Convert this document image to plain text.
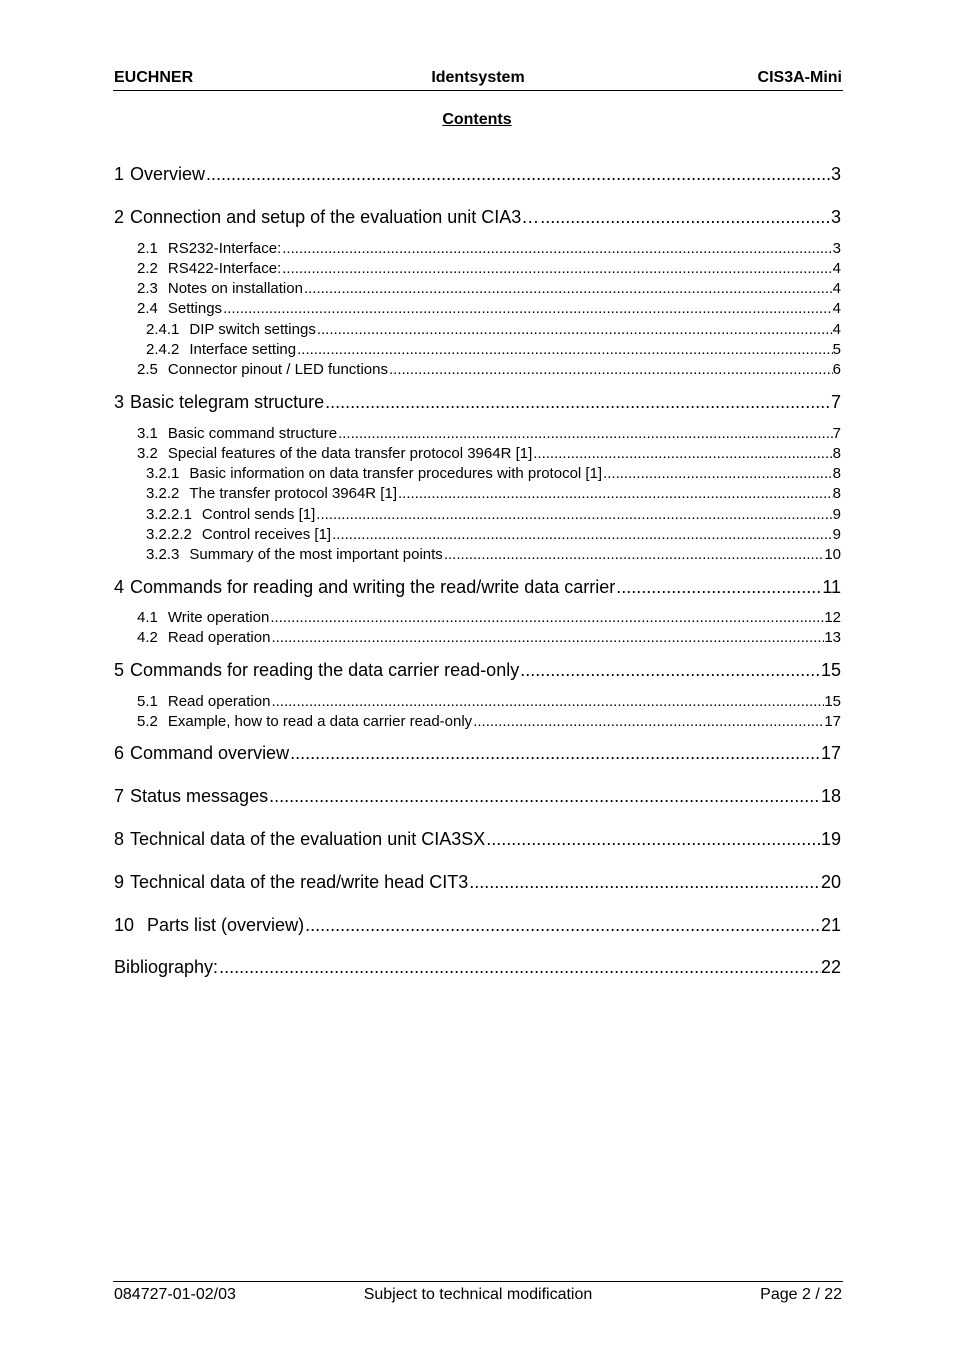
Identsystem
EUCHNER	CIS3A-Mini
Contents
1 Overview .....	3
2 Connection and setup of the evaluation unit CIA3… .....	3
2.1 RS232-Interface: .....	3
2.2 RS422-Interface: .....	4
2.3 Notes on installation .....	4
2.4 Settings .....	4
2.4.1 DIP switch settings .....	4
2.4.2 Interface setting .....	5
2.5 Connector pinout / LED functions .....	6
3 Basic telegram structure .....	7
3.1 Basic command structure .....	7
3.2 Special features of the data transfer protocol 3964R [1] .....	8
3.2.1 Basic information on data transfer procedures with protocol [1] .....	8
3.2.2 The transfer protocol 3964R [1] .....	8
3.2.2.1 Control sends [1] .....	9
3.2.2.2 Control receives [1] .....	9
3.2.3 Summary of the most important points .....	10
4 Commands for reading and writing the read/write data carrier .....	11
4.1 Write operation .....	12
4.2 Read operation .....	13
5 Commands for reading the data carrier read-only .....	15
5.1 Read operation .....	15
5.2 Example, how to read a data carrier read-only .....	17
6 Command overview .....	17
7 Status messages .....	18
8 Technical data of the evaluation unit CIA3SX .....	19
9 Technical data of the read/write head CIT3 .....	20
10 Parts list (overview) .....	21
Bibliography: .....	22
Subject to technical modification
084727-01-02/03	Page 2 / 22
